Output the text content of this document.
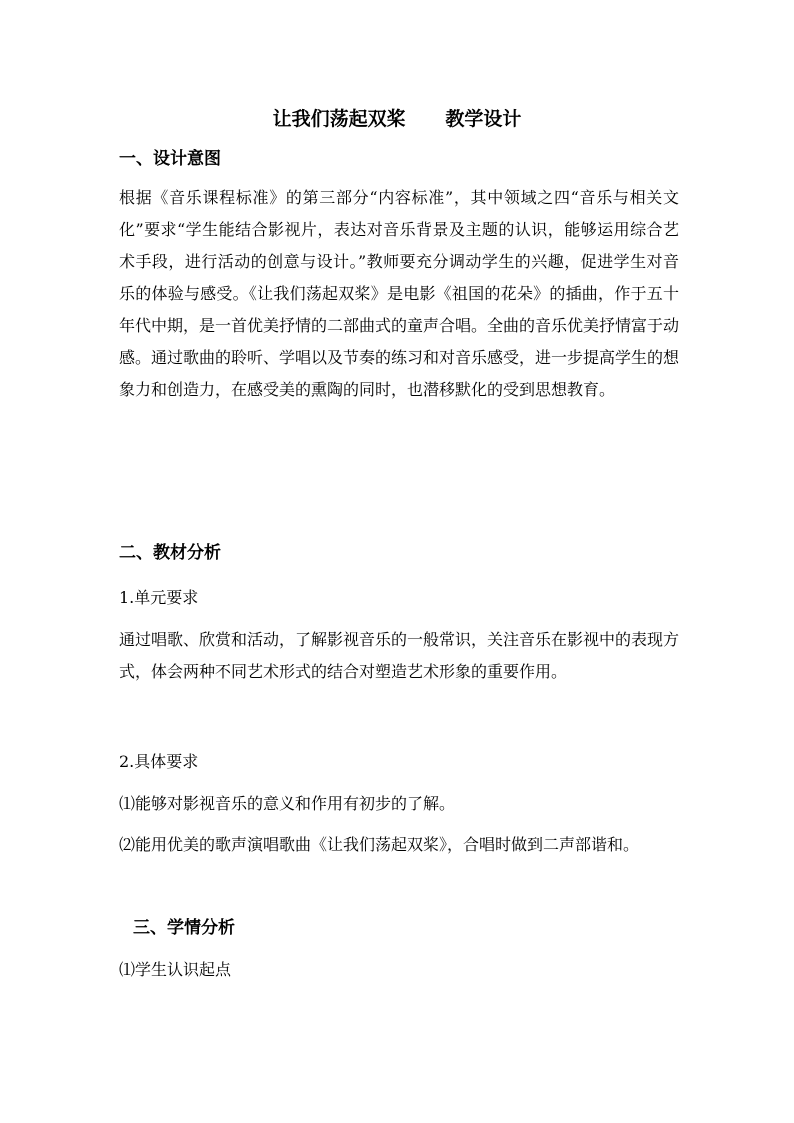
让我们荡起双桨      教学设计
一、设计意图

根据《音乐课程标准》的第三部分“内容标准”，其中领域之四“音乐与相关文化”要求“学生能结合影视片，表达对音乐背景及主题的认识，能够运用综合艺术手段，进行活动的创意与设计。”教师要充分调动学生的兴趣，促进学生对音乐的体验与感受。《让我们荡起双桨》是电影《祖国的花朵》的插曲，作于五十年代中期，是一首优美抒情的二部曲式的童声合唱。全曲的音乐优美抒情富于动感。通过歌曲的聆听、学唱以及节奏的练习和对音乐感受，进一步提高学生的想象力和创造力，在感受美的熏陶的同时，也潜移默化的受到思想教育。

二、教材分析

1.单元要求

通过唱歌、欣赏和活动，了解影视音乐的一般常识，关注音乐在影视中的表现方式，体会两种不同艺术形式的结合对塑造艺术形象的重要作用。

2.具体要求

⑴能够对影视音乐的意义和作用有初步的了解。

⑵能用优美的歌声演唱歌曲《让我们荡起双桨》，合唱时做到二声部谐和。

三、学情分析

⑴学生认识起点
